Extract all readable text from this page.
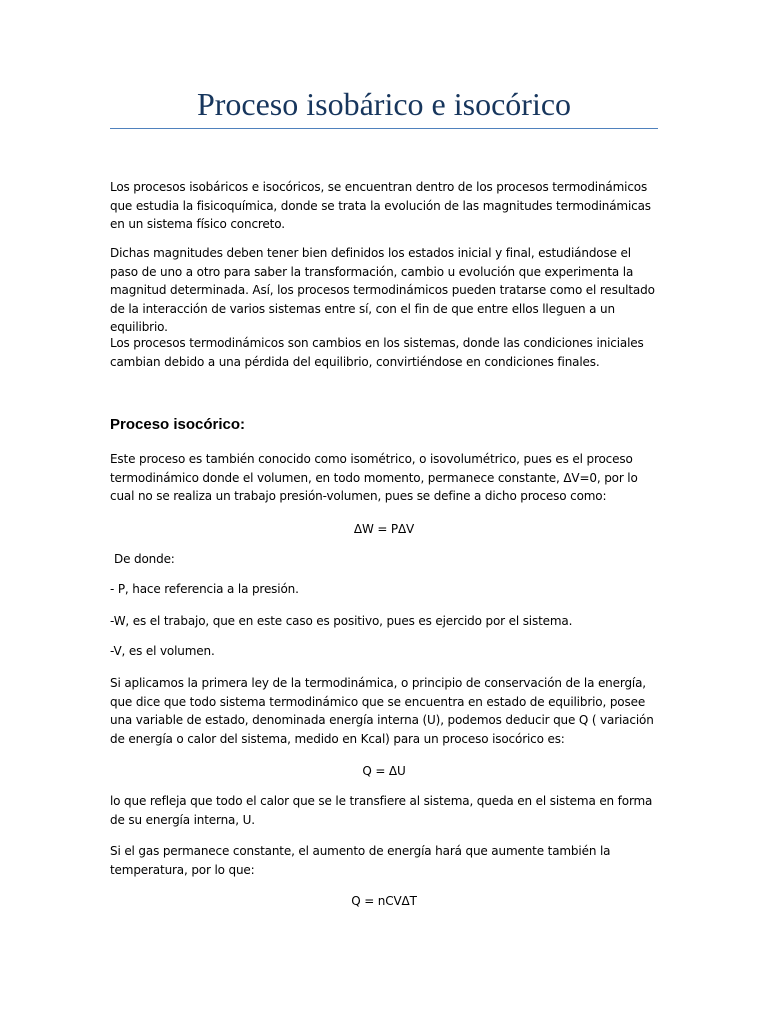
Proceso isobárico e isocórico

Los procesos isobáricos e isocóricos, se encuentran dentro de los procesos termodinámicos que estudia la fisicoquímica, donde se trata la evolución de las magnitudes termodinámicas en un sistema físico concreto.

Dichas magnitudes deben tener bien definidos los estados inicial y final, estudiándose el paso de uno a otro para saber la transformación, cambio u evolución que experimenta la magnitud determinada. Así, los procesos termodinámicos pueden tratarse como el resultado de la interacción de varios sistemas entre sí, con el fin de que entre ellos lleguen a un equilibrio.

Los procesos termodinámicos son cambios en los sistemas, donde las condiciones iniciales cambian debido a una pérdida del equilibrio, convirtiéndose en condiciones finales.

Proceso isocórico:

Este proceso es también conocido como isométrico, o isovolumétrico, pues es el proceso termodinámico donde el volumen, en todo momento, permanece constante, ΔV=0, por lo cual no se realiza un trabajo presión-volumen, pues se define a dicho proceso como:

ΔW = PΔV

De donde:

- P, hace referencia a la presión.

-W, es el trabajo, que en este caso es positivo, pues es ejercido por el sistema.

-V, es el volumen.

Si aplicamos la primera ley de la termodinámica, o principio de conservación de la energía, que dice que todo sistema termodinámico que se encuentra en estado de equilibrio, posee una variable de estado, denominada energía interna (U), podemos deducir que Q ( variación de energía o calor del sistema, medido en Kcal) para un proceso isocórico es:

Q = ΔU

lo que refleja que todo el calor que se le transfiere al sistema, queda en el sistema en forma de su energía interna, U.

Si el gas permanece constante, el aumento de energía hará que aumente también la temperatura, por lo que:

Q = nCVΔT
